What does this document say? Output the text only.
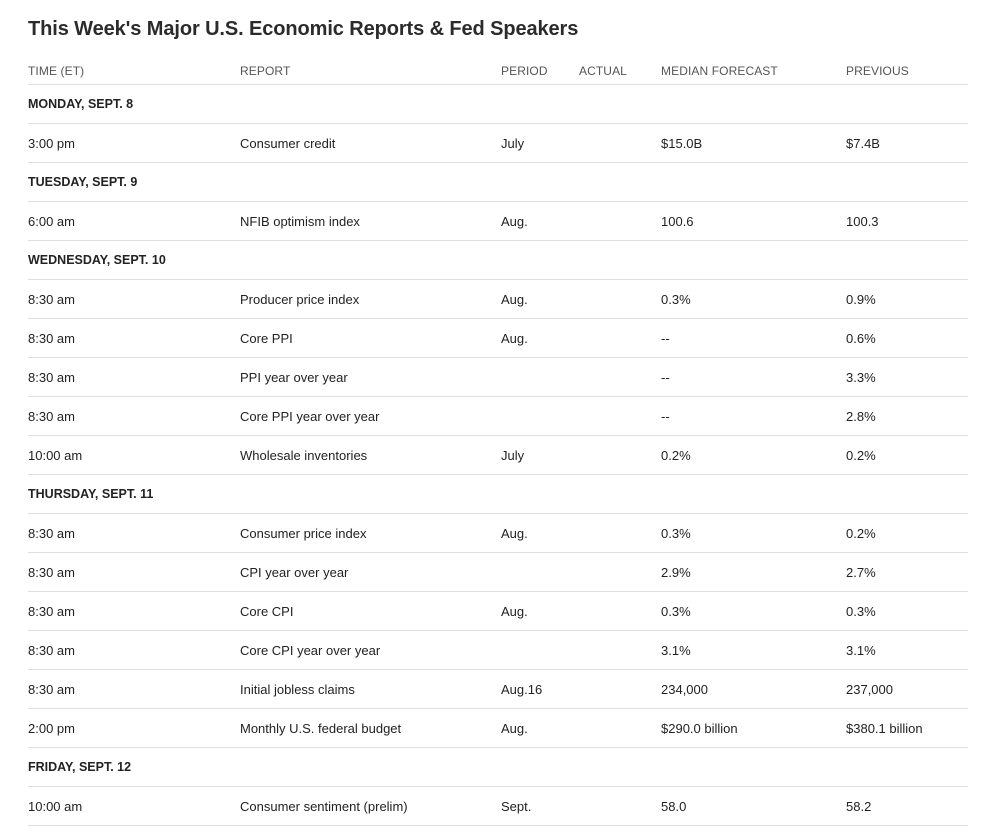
This Week's Major U.S. Economic Reports & Fed Speakers
TIME (ET)	REPORT	PERIOD	ACTUAL	MEDIAN FORECAST	PREVIOUS
MONDAY, SEPT. 8					
3:00 pm	Consumer credit	July		$15.0B	$7.4B
TUESDAY, SEPT. 9					
6:00 am	NFIB optimism index	Aug.		100.6	100.3
WEDNESDAY, SEPT. 10					
8:30 am	Producer price index	Aug.		0.3%	0.9%
8:30 am	Core PPI	Aug.		--	0.6%
8:30 am	PPI year over year			--	3.3%
8:30 am	Core PPI year over year			--	2.8%
10:00 am	Wholesale inventories	July		0.2%	0.2%
THURSDAY, SEPT. 11					
8:30 am	Consumer price index	Aug.		0.3%	0.2%
8:30 am	CPI year over year			2.9%	2.7%
8:30 am	Core CPI	Aug.		0.3%	0.3%
8:30 am	Core CPI year over year			3.1%	3.1%
8:30 am	Initial jobless claims	Aug.16		234,000	237,000
2:00 pm	Monthly U.S. federal budget	Aug.		$290.0 billion	$380.1 billion
FRIDAY, SEPT. 12					
10:00 am	Consumer sentiment (prelim)	Sept.		58.0	58.2
